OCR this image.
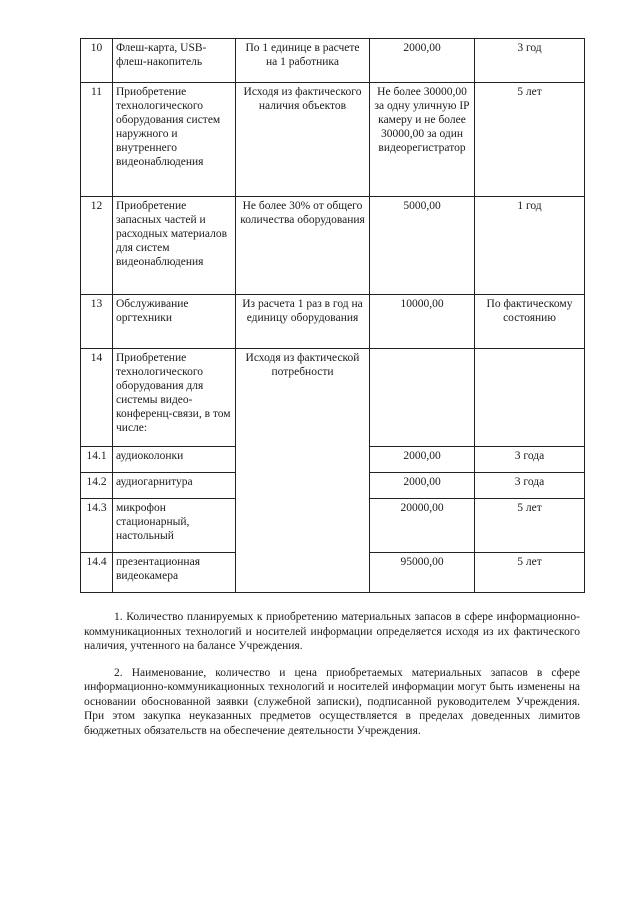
10	Флеш-карта, USB-флеш-накопитель	По 1 единице в расчете на 1 работника	2000,00	3 год
11	Приобретение технологического оборудования систем наружного и внутреннего видеонаблюдения	Исходя из фактического наличия объектов	Не более 30000,00 за одну уличную IP камеру и не более 30000,00 за один видеорегистратор	5 лет
12	Приобретение запасных частей и расходных материалов для систем видеонаблюдения	Не более 30% от общего количества оборудования	5000,00	1 год
13	Обслуживание оргтехники	Из расчета 1 раз в год на единицу оборудования	10000,00	По фактическому состоянию
14	Приобретение технологического оборудования для системы видео-конференц-связи, в том числе:	Исходя из фактической потребности		
14.1	аудиоколонки		2000,00	3 года
14.2	аудиогарнитура		2000,00	3 года
14.3	микрофон стационарный, настольный		20000,00	5 лет
14.4	презентационная видеокамера		95000,00	5 лет

1. Количество планируемых к приобретению материальных запасов в сфере информационно-коммуникационных технологий и носителей информации определяется исходя из их фактического наличия, учтенного на балансе Учреждения.

2. Наименование, количество и цена приобретаемых материальных запасов в сфере информационно-коммуникационных технологий и носителей информации могут быть изменены на основании обоснованной заявки (служебной записки), подписанной руководителем Учреждения. При этом закупка неуказанных предметов осуществляется в пределах доведенных лимитов бюджетных обязательств на обеспечение деятельности Учреждения.
